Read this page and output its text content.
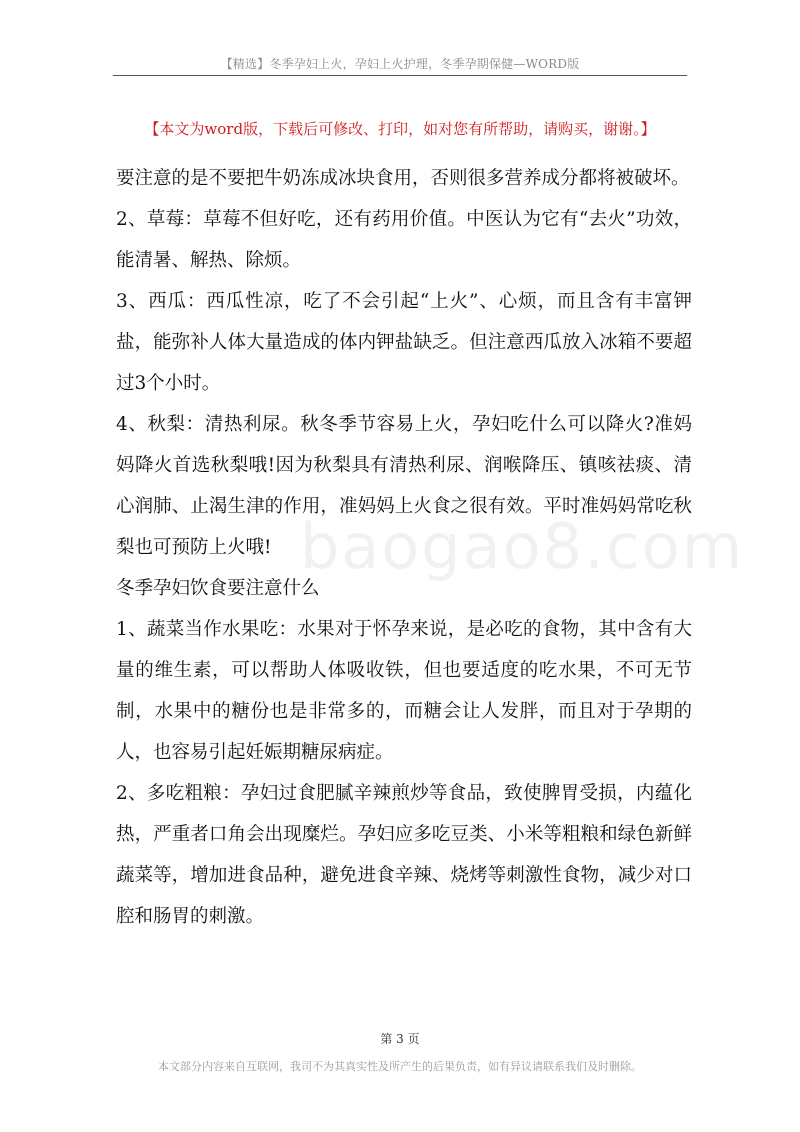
【精选】冬季孕妇上火，孕妇上火护理，冬季孕期保健—WORD版
【本文为word版，下载后可修改、打印，如对您有所帮助，请购买，谢谢。】

要注意的是不要把牛奶冻成冰块食用，否则很多营养成分都将被破坏。

2、草莓：草莓不但好吃，还有药用价值。中医认为它有“去火”功效，能清暑、解热、除烦。

3、西瓜：西瓜性凉，吃了不会引起“上火”、心烦，而且含有丰富钾盐，能弥补人体大量造成的体内钾盐缺乏。但注意西瓜放入冰箱不要超过3个小时。

4、秋梨：清热利尿。秋冬季节容易上火，孕妇吃什么可以降火?准妈妈降火首选秋梨哦!因为秋梨具有清热利尿、润喉降压、镇咳祛痰、清心润肺、止渴生津的作用，准妈妈上火食之很有效。平时准妈妈常吃秋梨也可预防上火哦!

冬季孕妇饮食要注意什么

1、蔬菜当作水果吃：水果对于怀孕来说，是必吃的食物，其中含有大量的维生素，可以帮助人体吸收铁，但也要适度的吃水果，不可无节制，水果中的糖份也是非常多的，而糖会让人发胖，而且对于孕期的人，也容易引起妊娠期糖尿病症。

2、多吃粗粮：孕妇过食肥腻辛辣煎炒等食品，致使脾胃受损，内蕴化热，严重者口角会出现糜烂。孕妇应多吃豆类、小米等粗粮和绿色新鲜蔬菜等，增加进食品种，避免进食辛辣、烧烤等刺激性食物，减少对口腔和肠胃的刺激。

baogao8.com
第 3 页
本文部分内容来自互联网，我司不为其真实性及所产生的后果负责，如有异议请联系我们及时删除。
